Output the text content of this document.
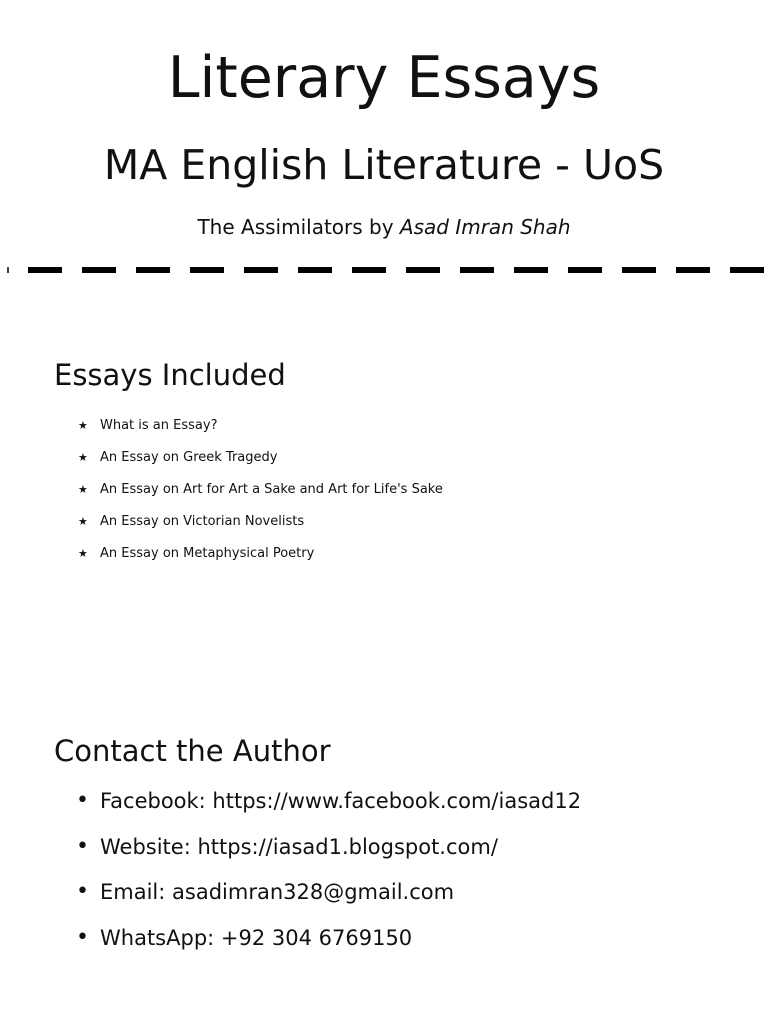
Literary Essays
MA English Literature - UoS
The Assimilators by Asad Imran Shah
Essays Included
★ What is an Essay?
★ An Essay on Greek Tragedy
★ An Essay on Art for Art a Sake and Art for Life's Sake
★ An Essay on Victorian Novelists
★ An Essay on Metaphysical Poetry
Contact the Author
• Facebook: https://www.facebook.com/iasad12
• Website: https://iasad1.blogspot.com/
• Email: asadimran328@gmail.com
• WhatsApp: +92 304 6769150
